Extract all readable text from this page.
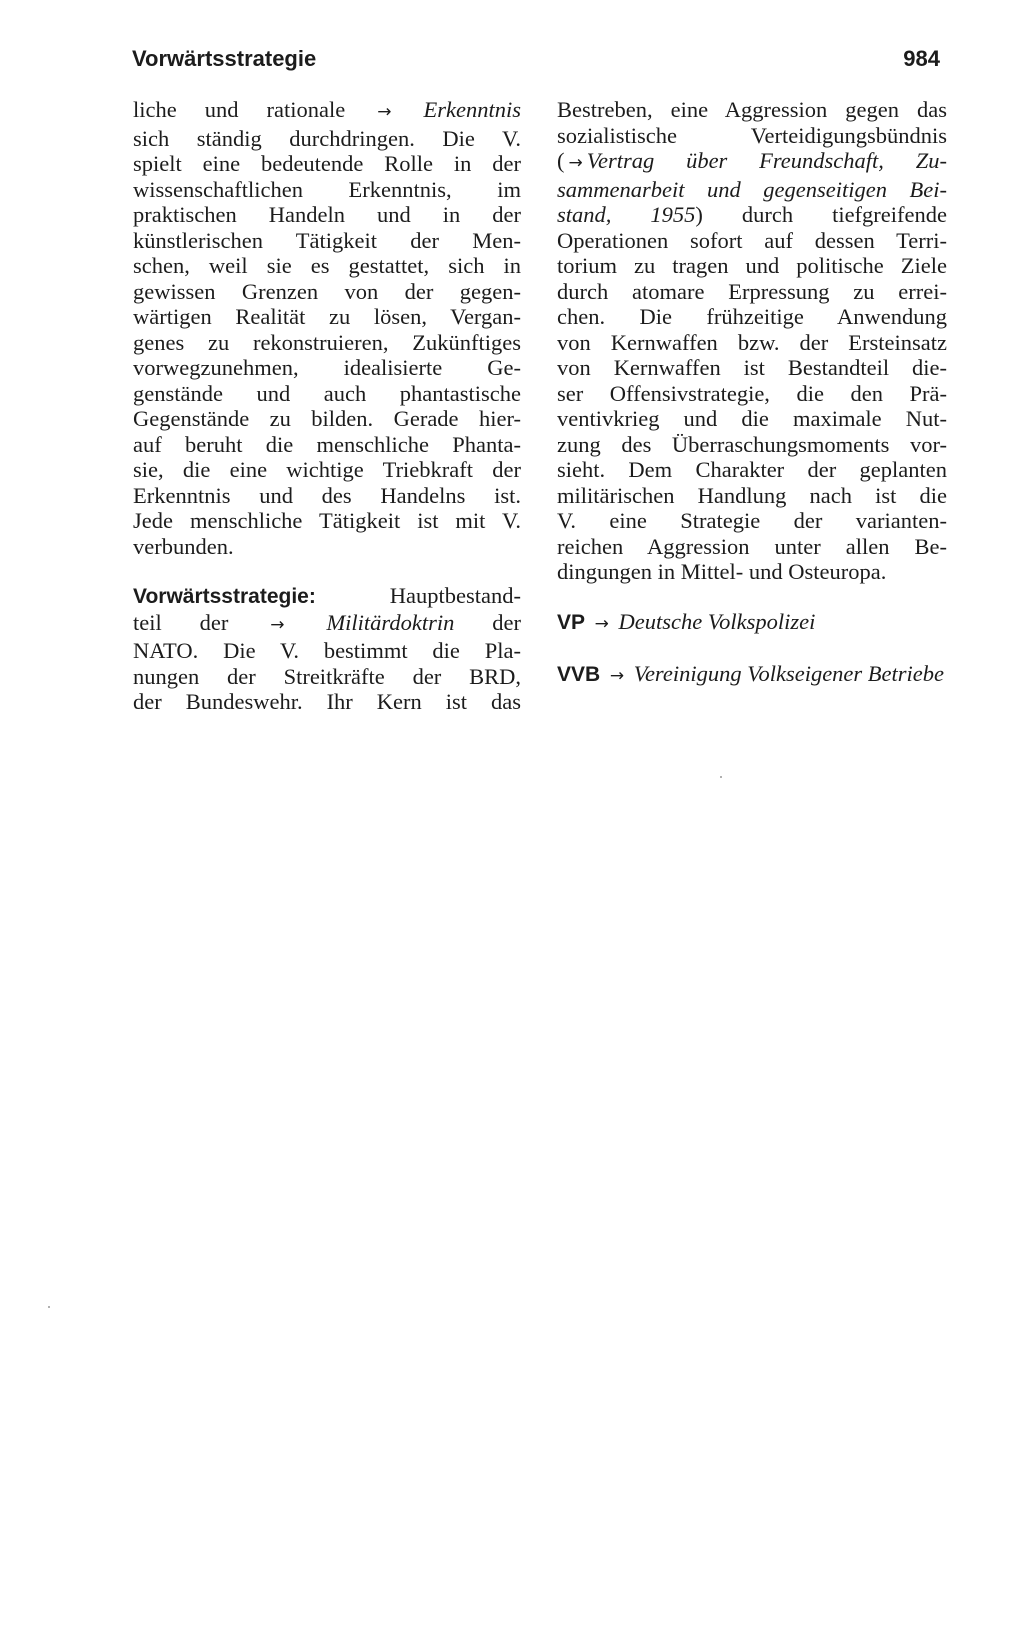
Vorwärtsstrategie	984

liche und rationale → Erkenntnis
sich ständig durchdringen. Die V.
spielt eine bedeutende Rolle in der
wissenschaftlichen Erkenntnis, im
praktischen Handeln und in der
künstlerischen Tätigkeit der Men-
schen, weil sie es gestattet, sich in
gewissen Grenzen von der gegen-
wärtigen Realität zu lösen, Vergan-
genes zu rekonstruieren, Zukünftiges
vorwegzunehmen, idealisierte Ge-
genstände und auch phantastische
Gegenstände zu bilden. Gerade hier-
auf beruht die menschliche Phanta-
sie, die eine wichtige Triebkraft der
Erkenntnis und des Handelns ist.
Jede menschliche Tätigkeit ist mit V.
verbunden.

Vorwärtsstrategie:	Hauptbestand-
teil der → Militärdoktrin der
NATO. Die V. bestimmt die Pla-
nungen der Streitkräfte der BRD,
der Bundeswehr. Ihr Kern ist das

Bestreben, eine Aggression gegen das
sozialistische Verteidigungsbündnis
( → Vertrag über Freundschaft, Zu-
sammenarbeit und gegenseitigen Bei-
stand, 1955) durch tiefgreifende
Operationen sofort auf dessen Terri-
torium zu tragen und politische Ziele
durch atomare Erpressung zu errei-
chen. Die frühzeitige Anwendung
von Kernwaffen bzw. der Ersteinsatz
von Kernwaffen ist Bestandteil die-
ser Offensivstrategie, die den Prä-
ventivkrieg und die maximale Nut-
zung des Überraschungsmoments vor-
sieht. Dem Charakter der geplanten
militärischen Handlung nach ist die
V. eine Strategie der varianten-
reichen Aggression unter allen Be-
dingungen in Mittel- und Osteuropa.

VP → Deutsche Volkspolizei

VVB → Vereinigung Volkseigener Betriebe
